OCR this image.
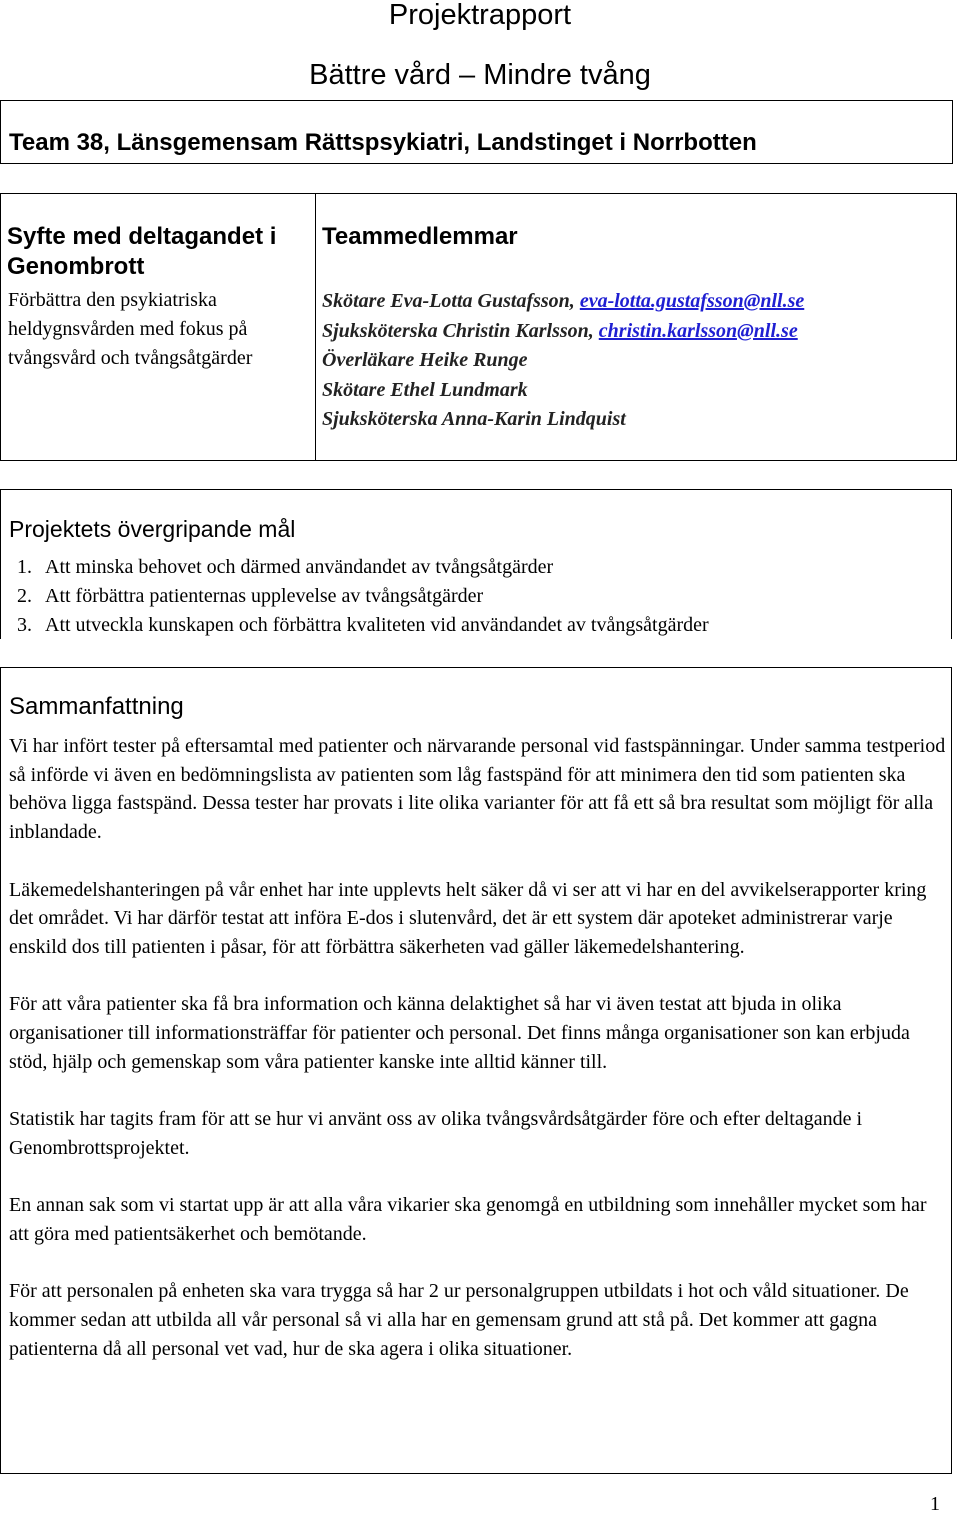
Projektrapport
Bättre vård – Mindre tvång
Team 38, Länsgemensam Rättspsykiatri, Landstinget i Norrbotten
Syfte med deltagandet i Genombrott
Förbättra den psykiatriska heldygnsvården med fokus på tvångsvård och tvångsåtgärder
Teammedlemmar
Skötare Eva-Lotta Gustafsson, eva-lotta.gustafsson@nll.se
Sjuksköterska Christin Karlsson, christin.karlsson@nll.se
Överläkare Heike Runge
Skötare Ethel Lundmark
Sjuksköterska Anna-Karin Lindquist
Projektets övergripande mål
1. Att minska behovet och därmed användandet av tvångsåtgärder
2. Att förbättra patienternas upplevelse av tvångsåtgärder
3. Att utveckla kunskapen och förbättra kvaliteten vid användandet av tvångsåtgärder
Sammanfattning

Vi har infört tester på eftersamtal med patienter och närvarande personal vid fastspänningar. Under samma testperiod så införde vi även en bedömningslista av patienten som låg fastspänd för att minimera den tid som patienten ska behöva ligga fastspänd. Dessa tester har provats i lite olika varianter för att få ett så bra resultat som möjligt för alla inblandade.

Läkemedelshanteringen på vår enhet har inte upplevts helt säker då vi ser att vi har en del avvikelserapporter kring det området. Vi har därför testat att införa E-dos i slutenvård, det är ett system där apoteket administrerar varje enskild dos till patienten i påsar, för att förbättra säkerheten vad gäller läkemedelshantering.

För att våra patienter ska få bra information och känna delaktighet så har vi även testat att bjuda in olika organisationer till informationsträffar för patienter och personal. Det finns många organisationer son kan erbjuda stöd, hjälp och gemenskap som våra patienter kanske inte alltid känner till.

Statistik har tagits fram för att se hur vi använt oss av olika tvångsvårdsåtgärder före och efter deltagande i Genombrottsprojektet.

En annan sak som vi startat upp är att alla våra vikarier ska genomgå en utbildning som innehåller mycket som har att göra med patientsäkerhet och bemötande.

För att personalen på enheten ska vara trygga så har 2 ur personalgruppen utbildats i hot och våld situationer. De kommer sedan att utbilda all vår personal så vi alla har en gemensam grund att stå på. Det kommer att gagna patienterna då all personal vet vad, hur de ska agera i olika situationer.

1
